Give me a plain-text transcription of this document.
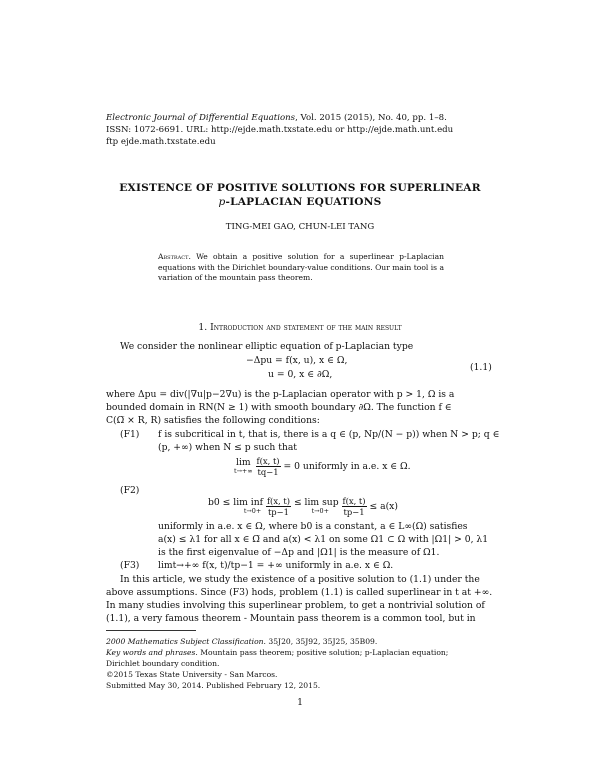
Electronic Journal of Differential Equations, Vol. 2015 (2015), No. 40, pp. 1–8.
ISSN: 1072-6691. URL: http://ejde.math.txstate.edu or http://ejde.math.unt.edu
ftp ejde.math.txstate.edu
EXISTENCE OF POSITIVE SOLUTIONS FOR SUPERLINEAR
p-LAPLACIAN EQUATIONS
TING-MEI GAO, CHUN-LEI TANG
Abstract. We obtain a positive solution for a superlinear p-Laplacian equations with the Dirichlet boundary-value conditions. Our main tool is a variation of the mountain pass theorem.
1. Introduction and statement of the main result
We consider the nonlinear elliptic equation of p-Laplacian type
−Δpu = f(x, u), x ∈ Ω,
u = 0, x ∈ ∂Ω,
(1.1)
where Δpu = div(|∇u|p−2∇u) is the p-Laplacian operator with p > 1, Ω is a
bounded domain in RN(N ≥ 1) with smooth boundary ∂Ω. The function f ∈
C(Ω̅ × R, R) satisfies the following conditions:
(F1) f is subcritical in t, that is, there is a q ∈ (p, Np/(N − p)) when N > p; q ∈
(p, +∞) when N ≤ p such that
lim
t→+∞
$\frac{f(x, t)}{tq-1} = 0$ uniformly in a.e. x ∈ Ω.
(F2)
b0 ≤ lim inf
t→0+
$\frac{f(x, t)}{tp-1} \le \lim$ sup
t→0+
	$\frac{f(x, t)}{tp-1} \le a(x)$
uniformly in a.e. x ∈ Ω, where b0 is a constant, a ∈ L∞(Ω) satisfies
a(x) ≤ λ1 for all x ∈ Ω̅ and a(x) < λ1 on some Ω1 ⊂ Ω with |Ω1| > 0, λ1
is the first eigenvalue of −Δp and |Ω1| is the measure of Ω1.
(F3) limt→+∞ f(x, t)/tp−1 = +∞ uniformly in a.e. x ∈ Ω.
In this article, we study the existence of a positive solution to (1.1) under the
above assumptions. Since (F3) hods, problem (1.1) is called superlinear in t at +∞.
In many studies involving this superlinear problem, to get a nontrivial solution of
(1.1), a very famous theorem - Mountain pass theorem is a common tool, but in
2000 Mathematics Subject Classification. 35J20, 35J92, 35J25, 35B09.
Key words and phrases. Mountain pass theorem; positive solution; p-Laplacian equation;
Dirichlet boundary condition.
©2015 Texas State University - San Marcos.
Submitted May 30, 2014. Published February 12, 2015.
1
